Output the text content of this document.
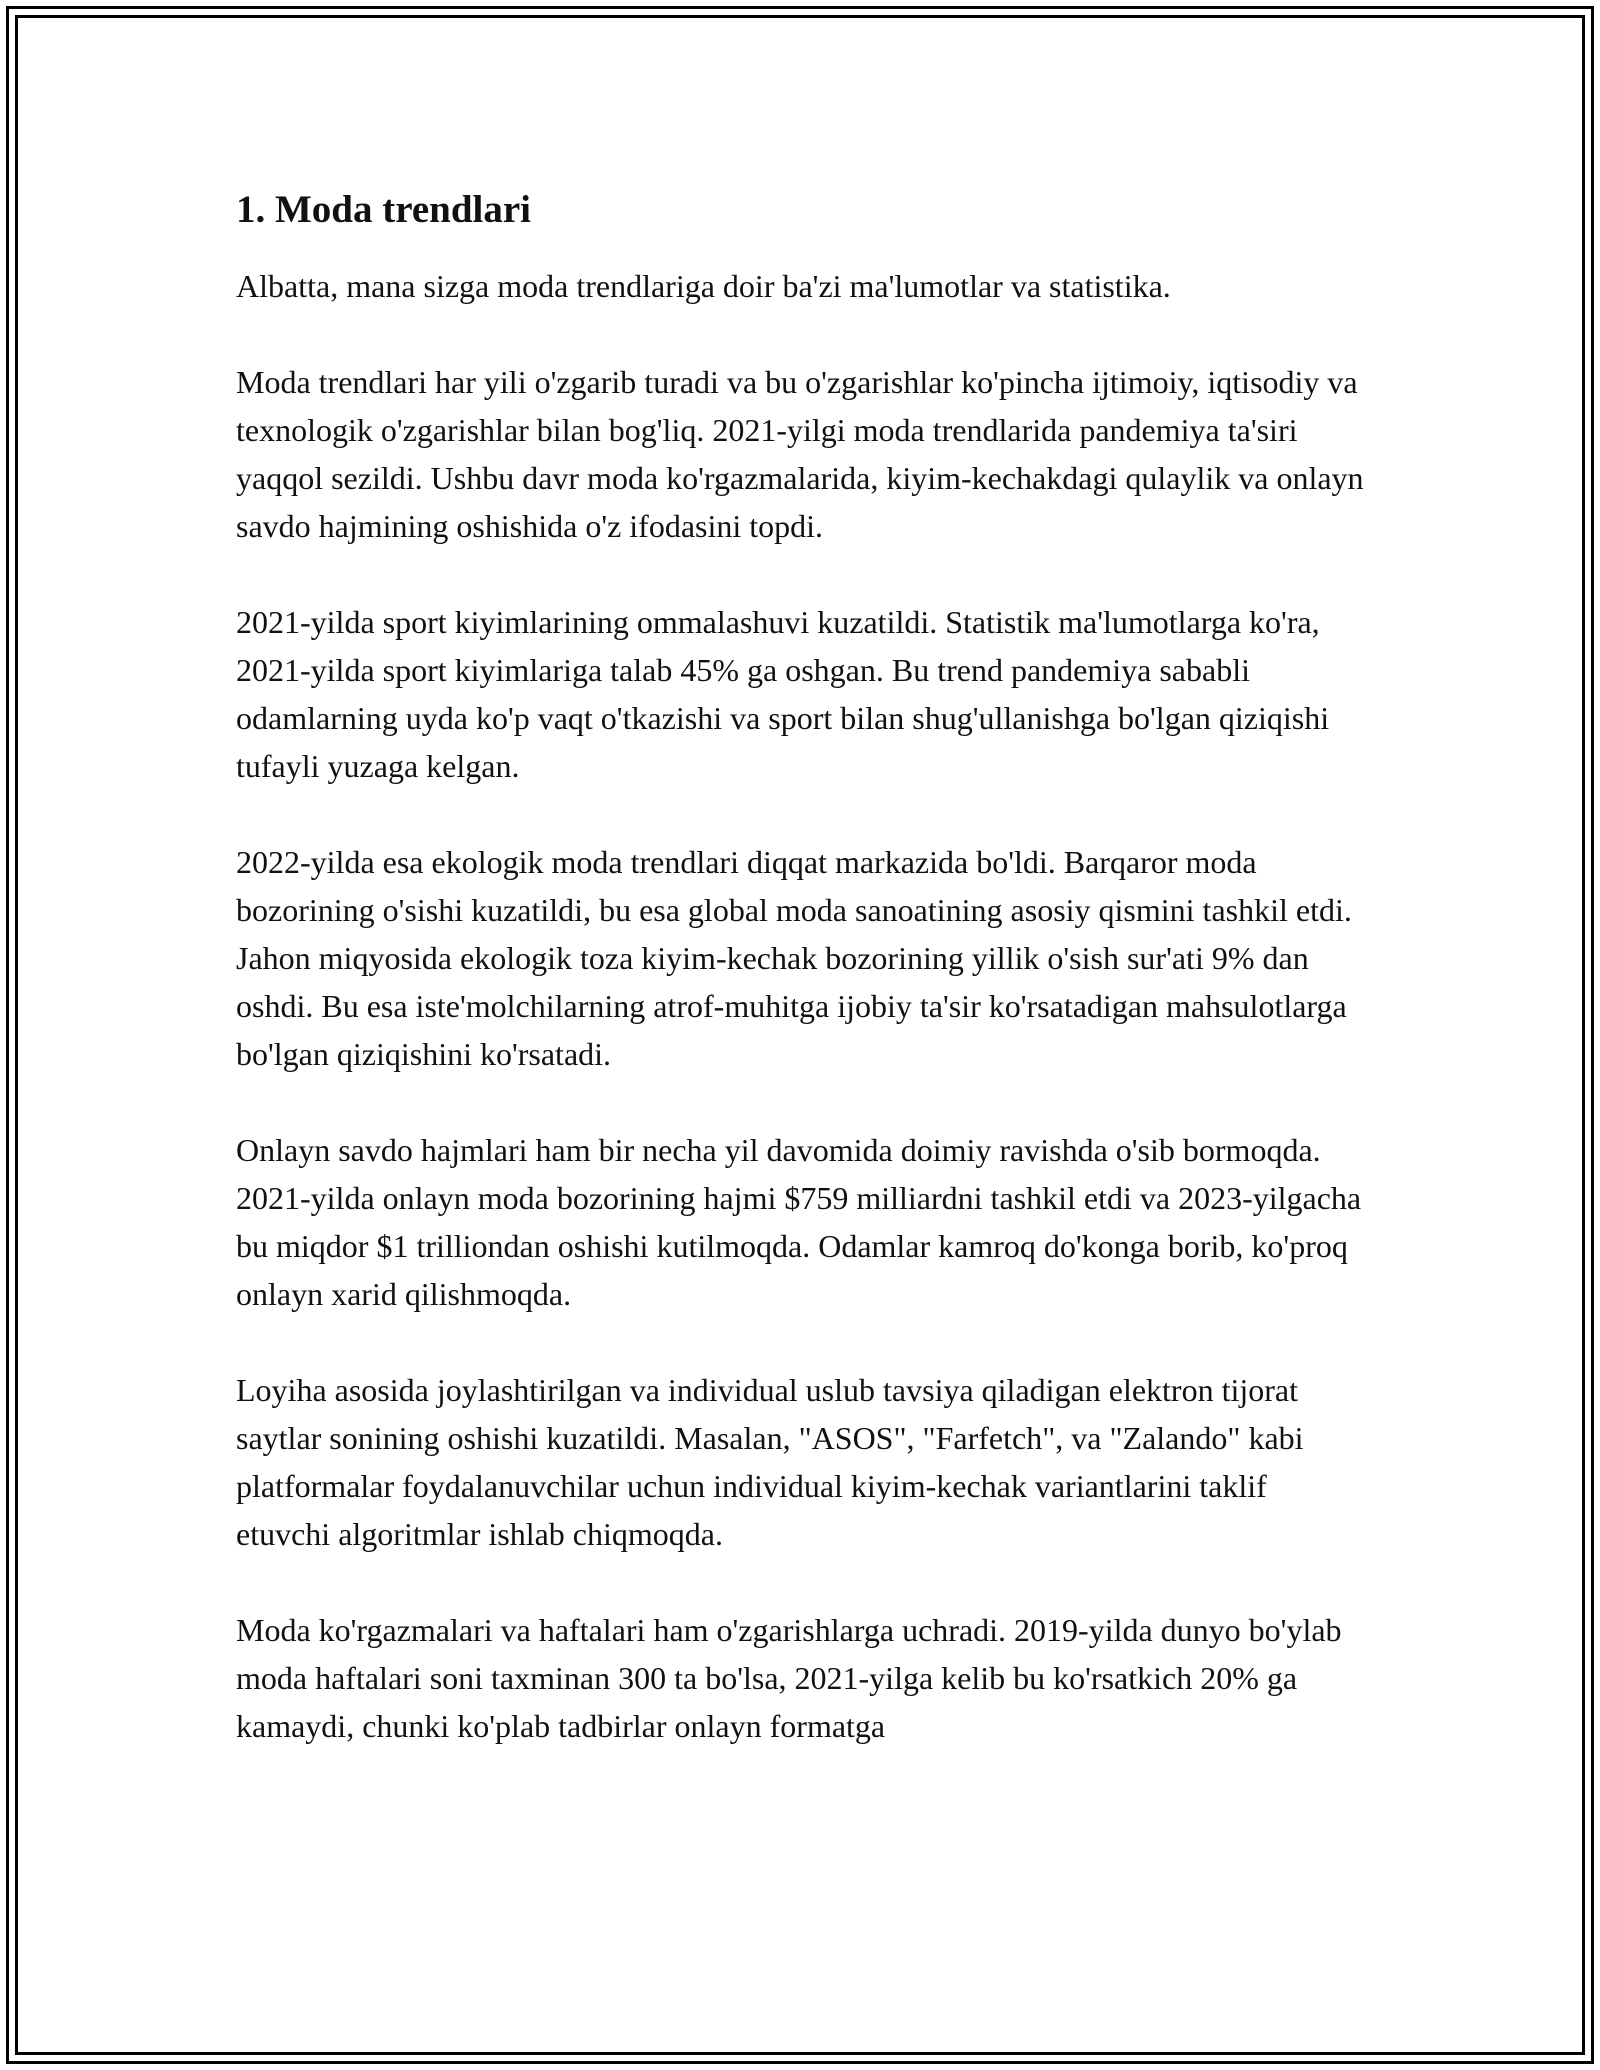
1. Moda trendlari

Albatta, mana sizga moda trendlariga doir ba'zi ma'lumotlar va statistika.

Moda trendlari har yili o'zgarib turadi va bu o'zgarishlar ko'pincha ijtimoiy, iqtisodiy va texnologik o'zgarishlar bilan bog'liq. 2021-yilgi moda trendlarida pandemiya ta'siri yaqqol sezildi. Ushbu davr moda ko'rgazmalarida, kiyim-kechakdagi qulaylik va onlayn savdo hajmining oshishida o'z ifodasini topdi.

2021-yilda sport kiyimlarining ommalashuvi kuzatildi. Statistik ma'lumotlarga ko'ra, 2021-yilda sport kiyimlariga talab 45% ga oshgan. Bu trend pandemiya sababli odamlarning uyda ko'p vaqt o'tkazishi va sport bilan shug'ullanishga bo'lgan qiziqishi tufayli yuzaga kelgan.

2022-yilda esa ekologik moda trendlari diqqat markazida bo'ldi. Barqaror moda bozorining o'sishi kuzatildi, bu esa global moda sanoatining asosiy qismini tashkil etdi. Jahon miqyosida ekologik toza kiyim-kechak bozorining yillik o'sish sur'ati 9% dan oshdi. Bu esa iste'molchilarning atrof-muhitga ijobiy ta'sir ko'rsatadigan mahsulotlarga bo'lgan qiziqishini ko'rsatadi.

Onlayn savdo hajmlari ham bir necha yil davomida doimiy ravishda o'sib bormoqda. 2021-yilda onlayn moda bozorining hajmi $759 milliardni tashkil etdi va 2023-yilgacha bu miqdor $1 trilliondan oshishi kutilmoqda. Odamlar kamroq do'konga borib, ko'proq onlayn xarid qilishmoqda.

Loyiha asosida joylashtirilgan va individual uslub tavsiya qiladigan elektron tijorat saytlar sonining oshishi kuzatildi. Masalan, "ASOS", "Farfetch", va "Zalando" kabi platformalar foydalanuvchilar uchun individual kiyim-kechak variantlarini taklif etuvchi algoritmlar ishlab chiqmoqda.

Moda ko'rgazmalari va haftalari ham o'zgarishlarga uchradi. 2019-yilda dunyo bo'ylab moda haftalari soni taxminan 300 ta bo'lsa, 2021-yilga kelib bu ko'rsatkich 20% ga kamaydi, chunki ko'plab tadbirlar onlayn formatga
